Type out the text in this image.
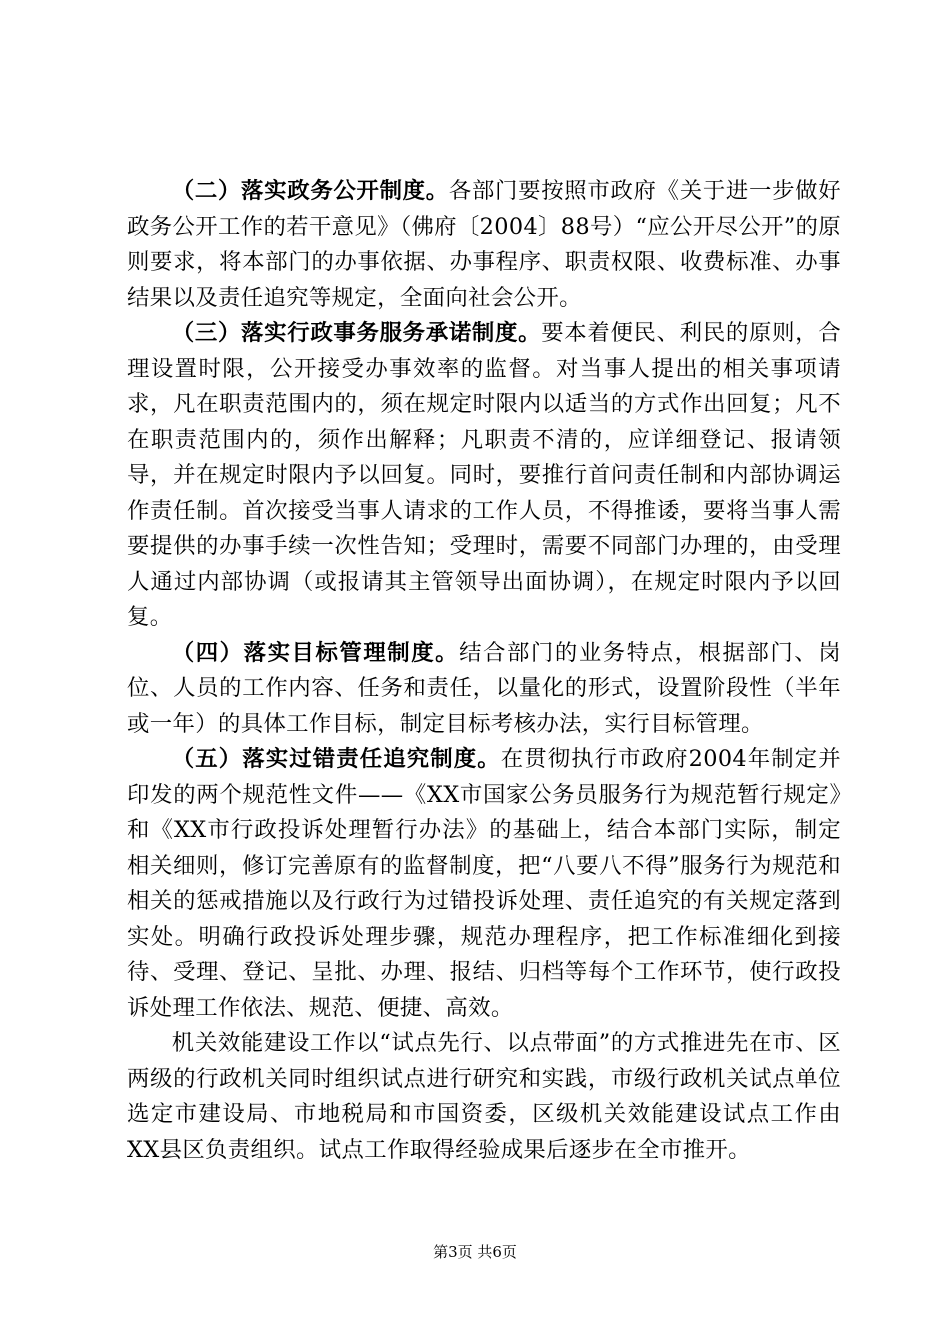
（二）落实政务公开制度。各部门要按照市政府《关于进一步做好政务公开工作的若干意见》（佛府〔2004〕88号）“应公开尽公开”的原则要求，将本部门的办事依据、办事程序、职责权限、收费标准、办事结果以及责任追究等规定，全面向社会公开。

（三）落实行政事务服务承诺制度。要本着便民、利民的原则，合理设置时限，公开接受办事效率的监督。对当事人提出的相关事项请求，凡在职责范围内的，须在规定时限内以适当的方式作出回复；凡不在职责范围内的，须作出解释；凡职责不清的，应详细登记、报请领导，并在规定时限内予以回复。同时，要推行首问责任制和内部协调运作责任制。首次接受当事人请求的工作人员，不得推诿，要将当事人需要提供的办事手续一次性告知；受理时，需要不同部门办理的，由受理人通过内部协调（或报请其主管领导出面协调），在规定时限内予以回复。

（四）落实目标管理制度。结合部门的业务特点，根据部门、岗位、人员的工作内容、任务和责任，以量化的形式，设置阶段性（半年或一年）的具体工作目标，制定目标考核办法，实行目标管理。

（五）落实过错责任追究制度。在贯彻执行市政府2004年制定并印发的两个规范性文件——《XX市国家公务员服务行为规范暂行规定》和《XX市行政投诉处理暂行办法》的基础上，结合本部门实际，制定相关细则，修订完善原有的监督制度，把“八要八不得”服务行为规范和相关的惩戒措施以及行政行为过错投诉处理、责任追究的有关规定落到实处。明确行政投诉处理步骤，规范办理程序，把工作标准细化到接待、受理、登记、呈批、办理、报结、归档等每个工作环节，使行政投诉处理工作依法、规范、便捷、高效。

机关效能建设工作以“试点先行、以点带面”的方式推进先在市、区两级的行政机关同时组织试点进行研究和实践，市级行政机关试点单位选定市建设局、市地税局和市国资委，区级机关效能建设试点工作由XX县区负责组织。试点工作取得经验成果后逐步在全市推开。

第3页 共6页
